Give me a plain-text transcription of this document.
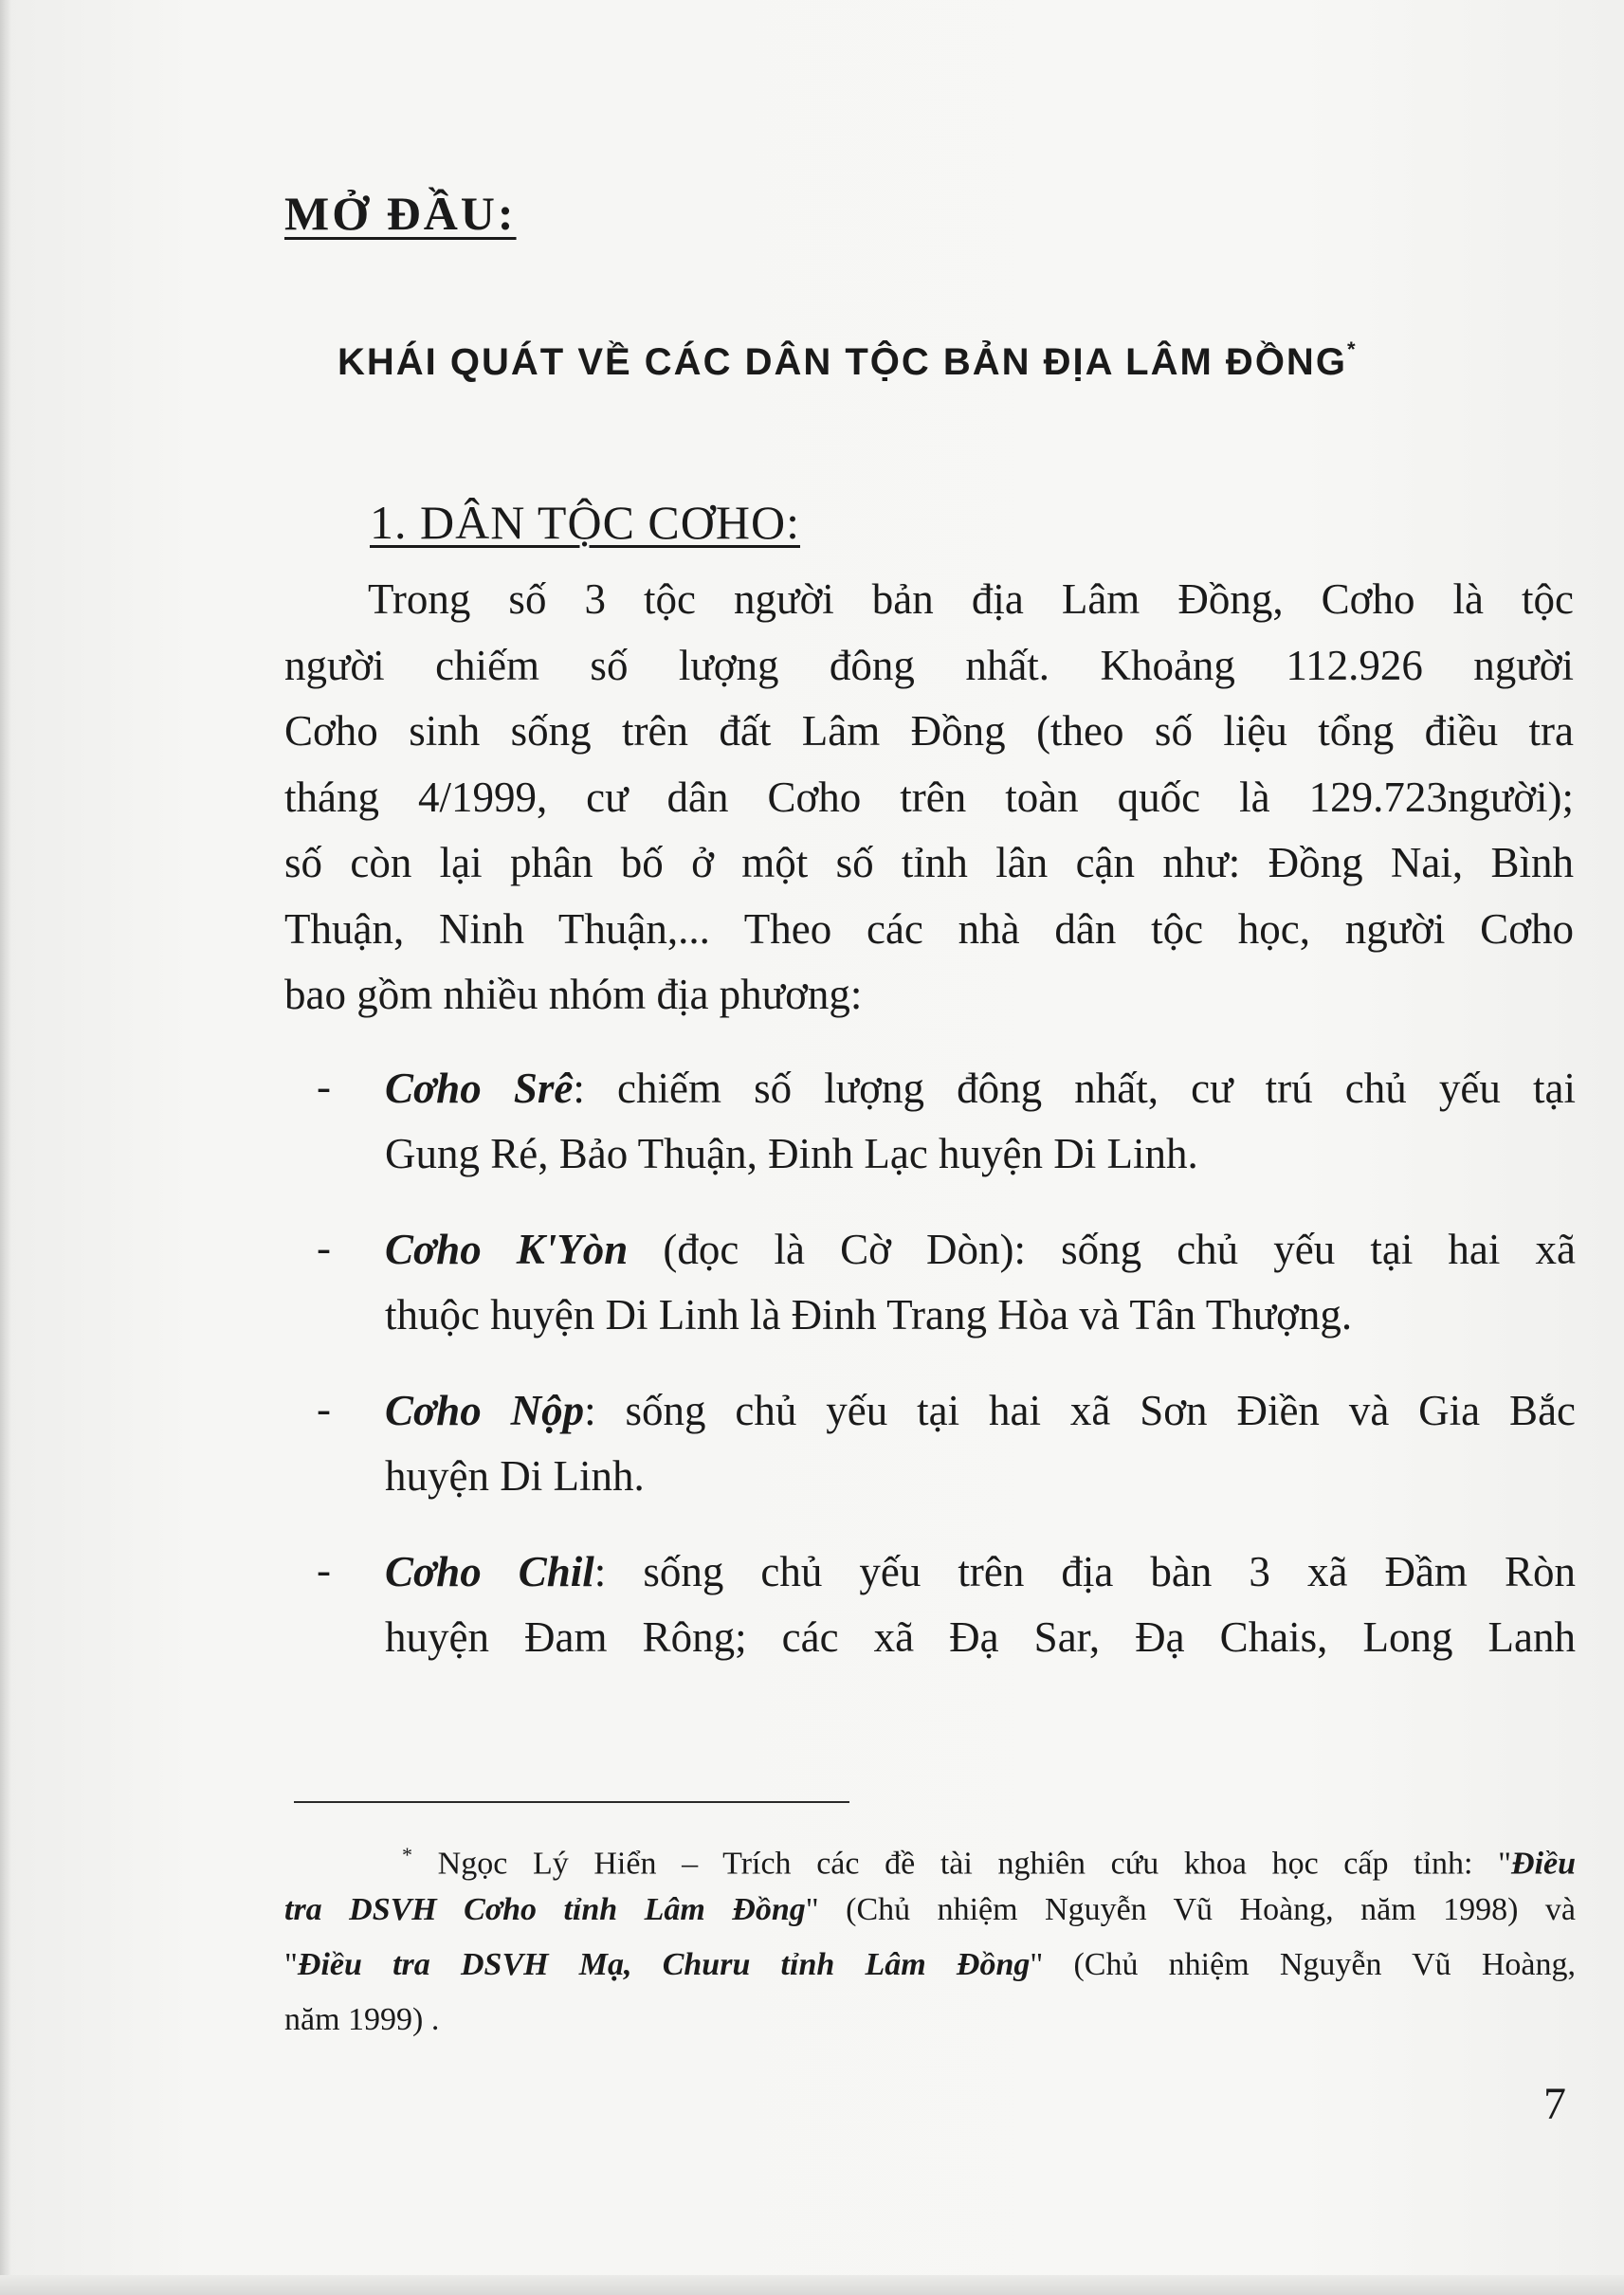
MỞ ĐẦU:
KHÁI QUÁT VỀ CÁC DÂN TỘC BẢN ĐỊA LÂM ĐỒNG*
1. DÂN TỘC CƠHO:
Trong số 3 tộc người bản địa Lâm Đồng, Cơho là tộc
người chiếm số lượng đông nhất. Khoảng 112.926 người
Cơho sinh sống trên đất Lâm Đồng (theo số liệu tổng điều tra
tháng 4/1999, cư dân Cơho trên toàn quốc là 129.723người);
số còn lại phân bố ở một số tỉnh lân cận như: Đồng Nai, Bình
Thuận, Ninh Thuận,... Theo các nhà dân tộc học, người Cơho
bao gồm nhiều nhóm địa phương:
- Cơho Srê: chiếm số lượng đông nhất, cư trú chủ yếu tại
Gung Ré, Bảo Thuận, Đinh Lạc huyện Di Linh.
- Cơho K'Yòn (đọc là Cờ Dòn): sống chủ yếu tại hai xã
thuộc huyện Di Linh là Đinh Trang Hòa và Tân Thượng.
- Cơho Nộp: sống chủ yếu tại hai xã Sơn Điền và Gia Bắc
huyện Di Linh.
- Cơho Chil: sống chủ yếu trên địa bàn 3 xã Đầm Ròn
huyện Đam Rông; các xã Đạ Sar, Đạ Chais, Long Lanh
* Ngọc Lý Hiển – Trích các đề tài nghiên cứu khoa học cấp tỉnh: "Điều
tra DSVH Cơho tỉnh Lâm Đồng" (Chủ nhiệm Nguyễn Vũ Hoàng, năm 1998) và
"Điều tra DSVH Mạ, Churu tỉnh Lâm Đồng" (Chủ nhiệm Nguyễn Vũ Hoàng,
năm 1999) .
7
